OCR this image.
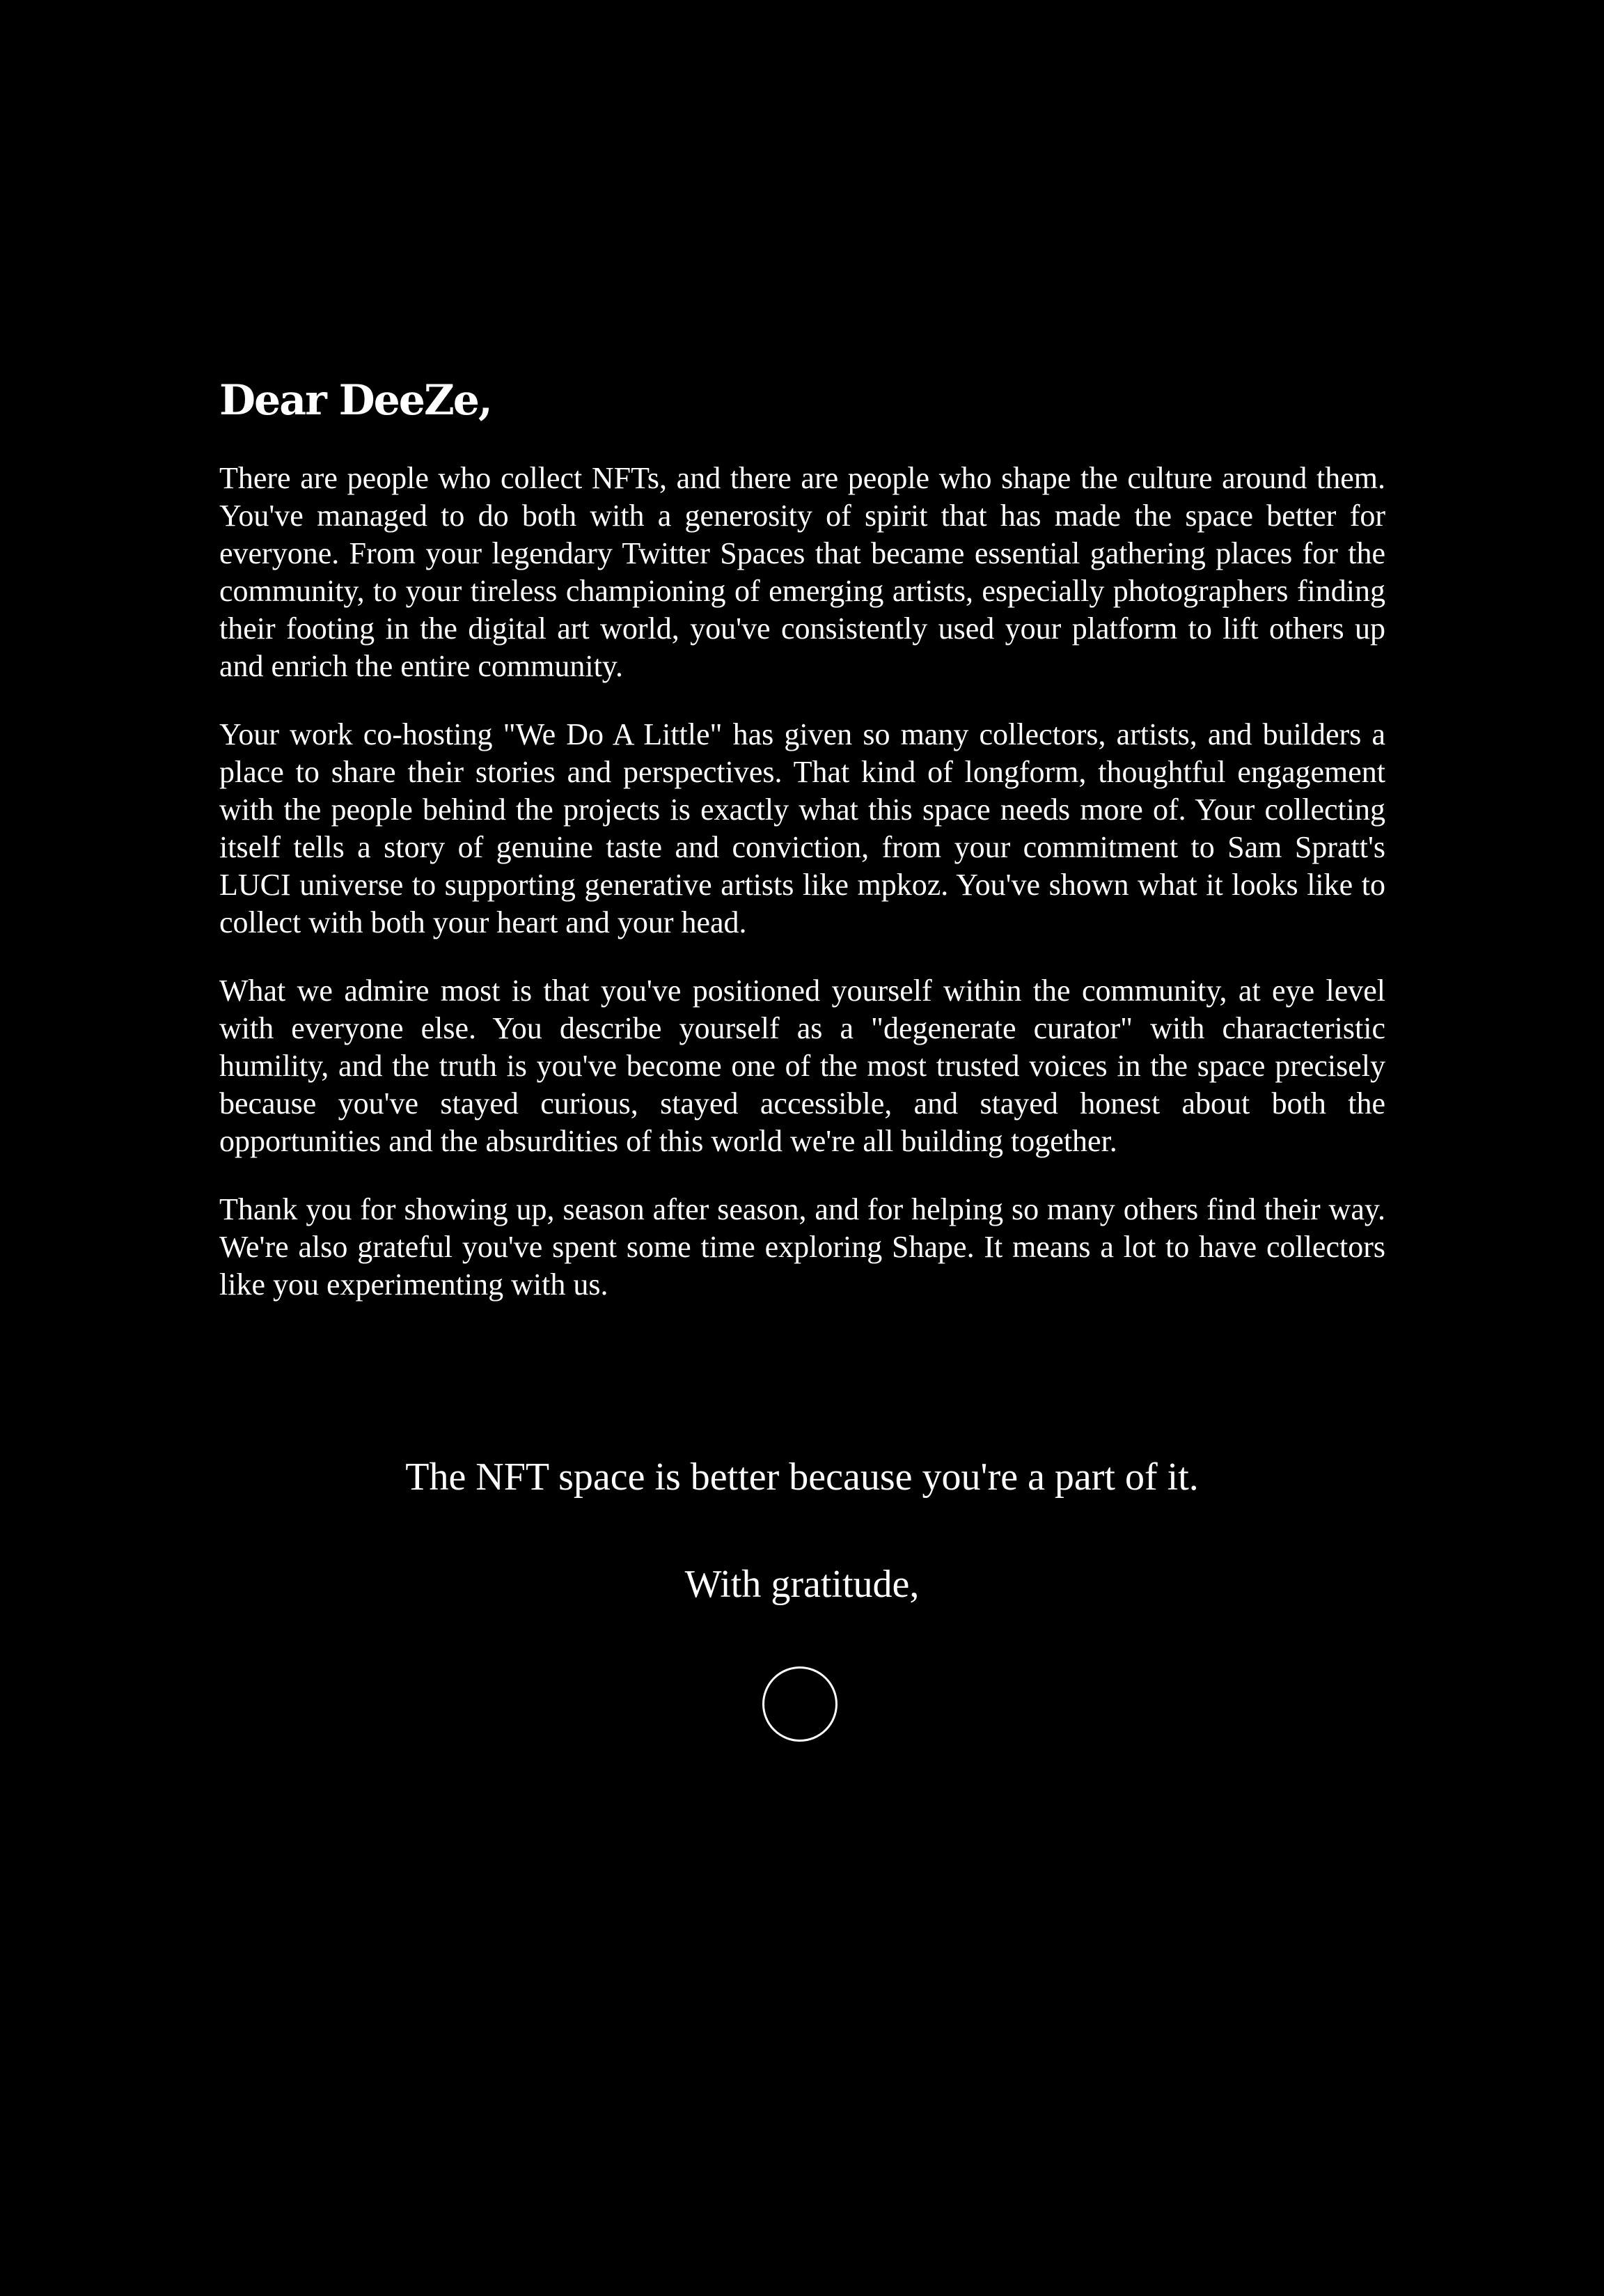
Dear DeeZe,

There are people who collect NFTs, and there are people who shape the culture around them. You've managed to do both with a generosity of spirit that has made the space better for everyone. From your legendary Twitter Spaces that became essential gathering places for the community, to your tireless championing of emerging artists, especially photographers finding their footing in the digital art world, you've consistently used your platform to lift others up and enrich the entire community.

Your work co-hosting "We Do A Little" has given so many collectors, artists, and builders a place to share their stories and perspectives. That kind of longform, thoughtful engagement with the people behind the projects is exactly what this space needs more of. Your collecting itself tells a story of genuine taste and conviction, from your commitment to Sam Spratt's LUCI universe to supporting generative artists like mpkoz. You've shown what it looks like to collect with both your heart and your head.

What we admire most is that you've positioned yourself within the community, at eye level with everyone else. You describe yourself as a "degenerate curator" with characteristic humility, and the truth is you've become one of the most trusted voices in the space precisely because you've stayed curious, stayed accessible, and stayed honest about both the opportunities and the absurdities of this world we're all building together.

Thank you for showing up, season after season, and for helping so many others find their way. We're also grateful you've spent some time exploring Shape. It means a lot to have collectors like you experimenting with us.

The NFT space is better because you're a part of it.

With gratitude,
